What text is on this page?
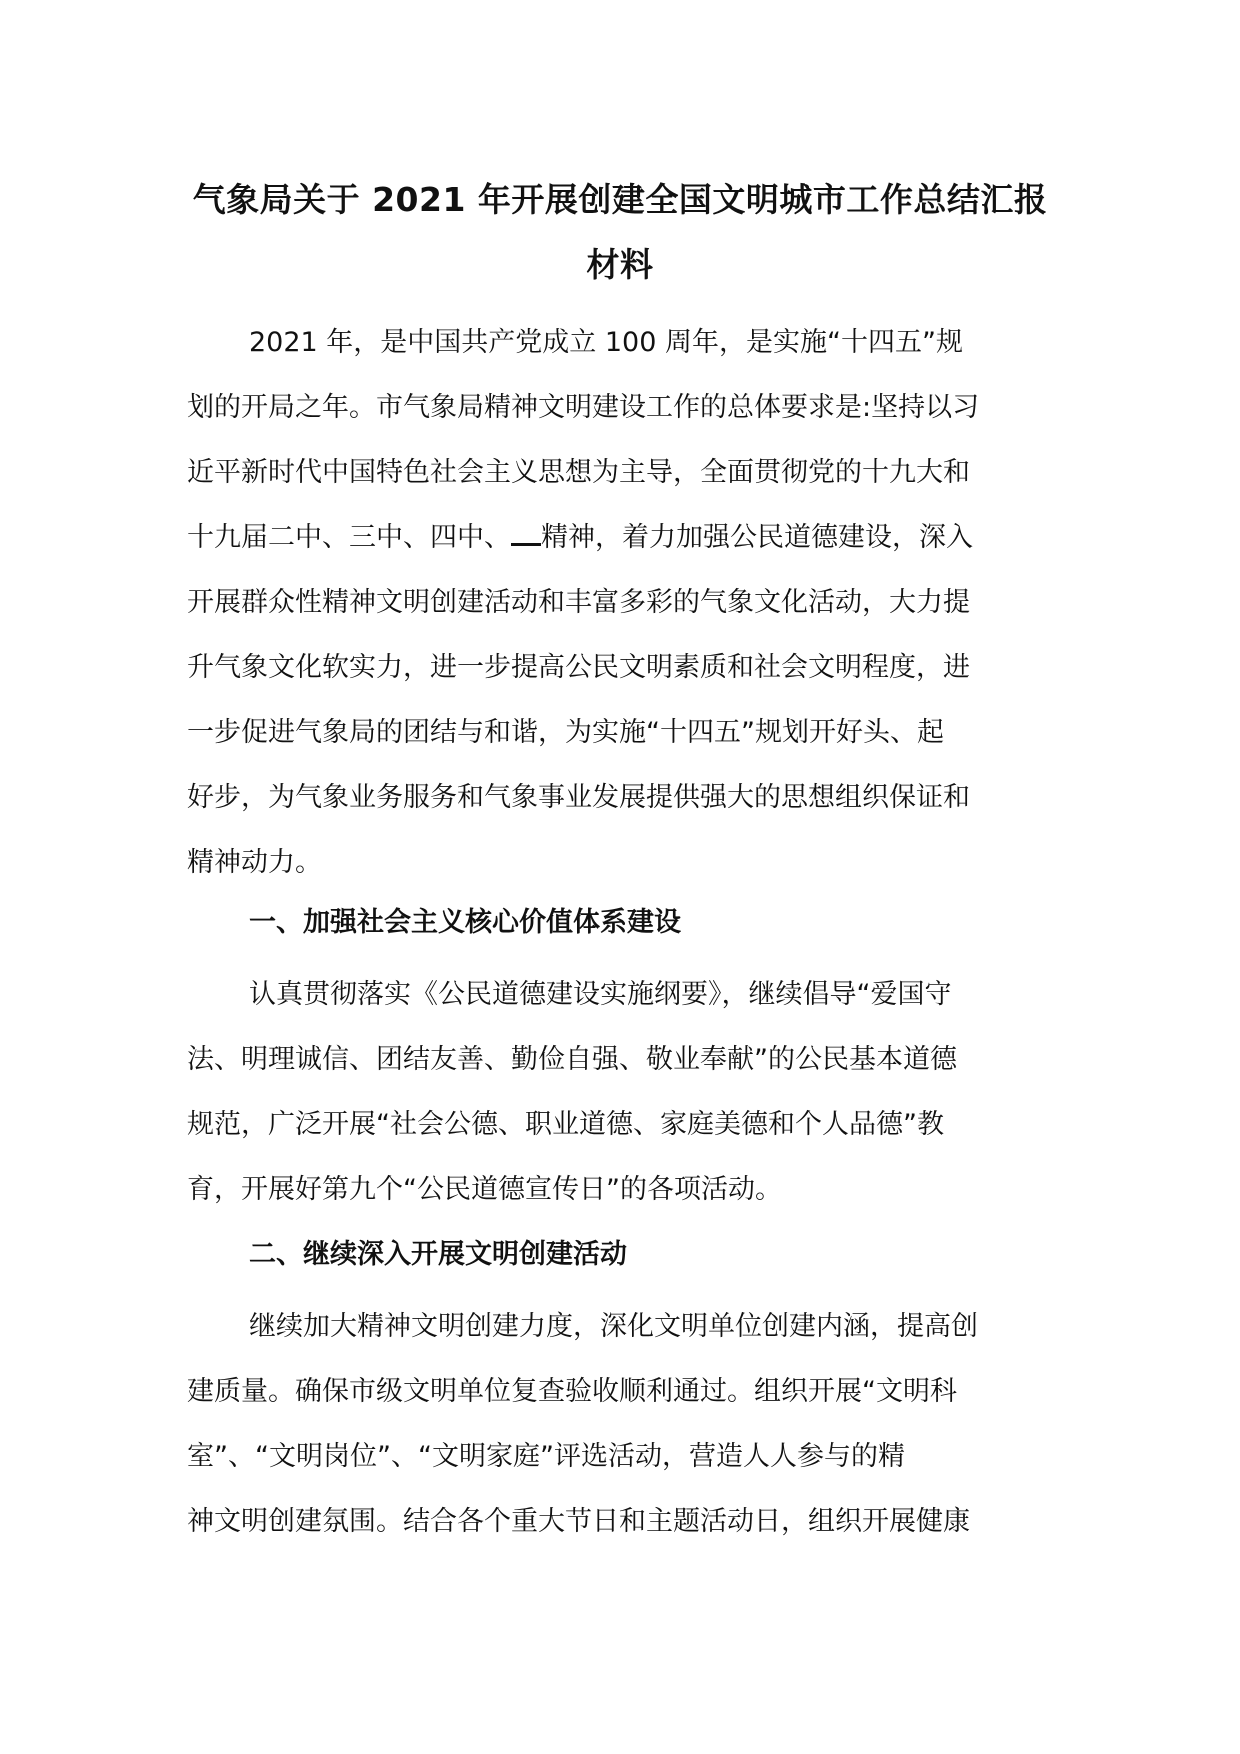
气象局关于 2021 年开展创建全国文明城市工作总结汇报
材料
2021 年，是中国共产党成立 100 周年，是实施“十四五”规
划的开局之年。市气象局精神文明建设工作的总体要求是:坚持以习
近平新时代中国特色社会主义思想为主导，全面贯彻党的十九大和
十九届二中、三中、四中、 精神，着力加强公民道德建设，深入
开展群众性精神文明创建活动和丰富多彩的气象文化活动，大力提
升气象文化软实力，进一步提高公民文明素质和社会文明程度，进
一步促进气象局的团结与和谐，为实施“十四五”规划开好头、起
好步，为气象业务服务和气象事业发展提供强大的思想组织保证和
精神动力。
一、加强社会主义核心价值体系建设
认真贯彻落实《公民道德建设实施纲要》，继续倡导“爱国守
法、明理诚信、团结友善、勤俭自强、敬业奉献”的公民基本道德
规范，广泛开展“社会公德、职业道德、家庭美德和个人品德”教
育，开展好第九个“公民道德宣传日”的各项活动。
二、继续深入开展文明创建活动
继续加大精神文明创建力度，深化文明单位创建内涵，提高创
建质量。确保市级文明单位复查验收顺利通过。组织开展“文明科
室”、“文明岗位”、“文明家庭”评选活动，营造人人参与的精
神文明创建氛围。结合各个重大节日和主题活动日，组织开展健康
